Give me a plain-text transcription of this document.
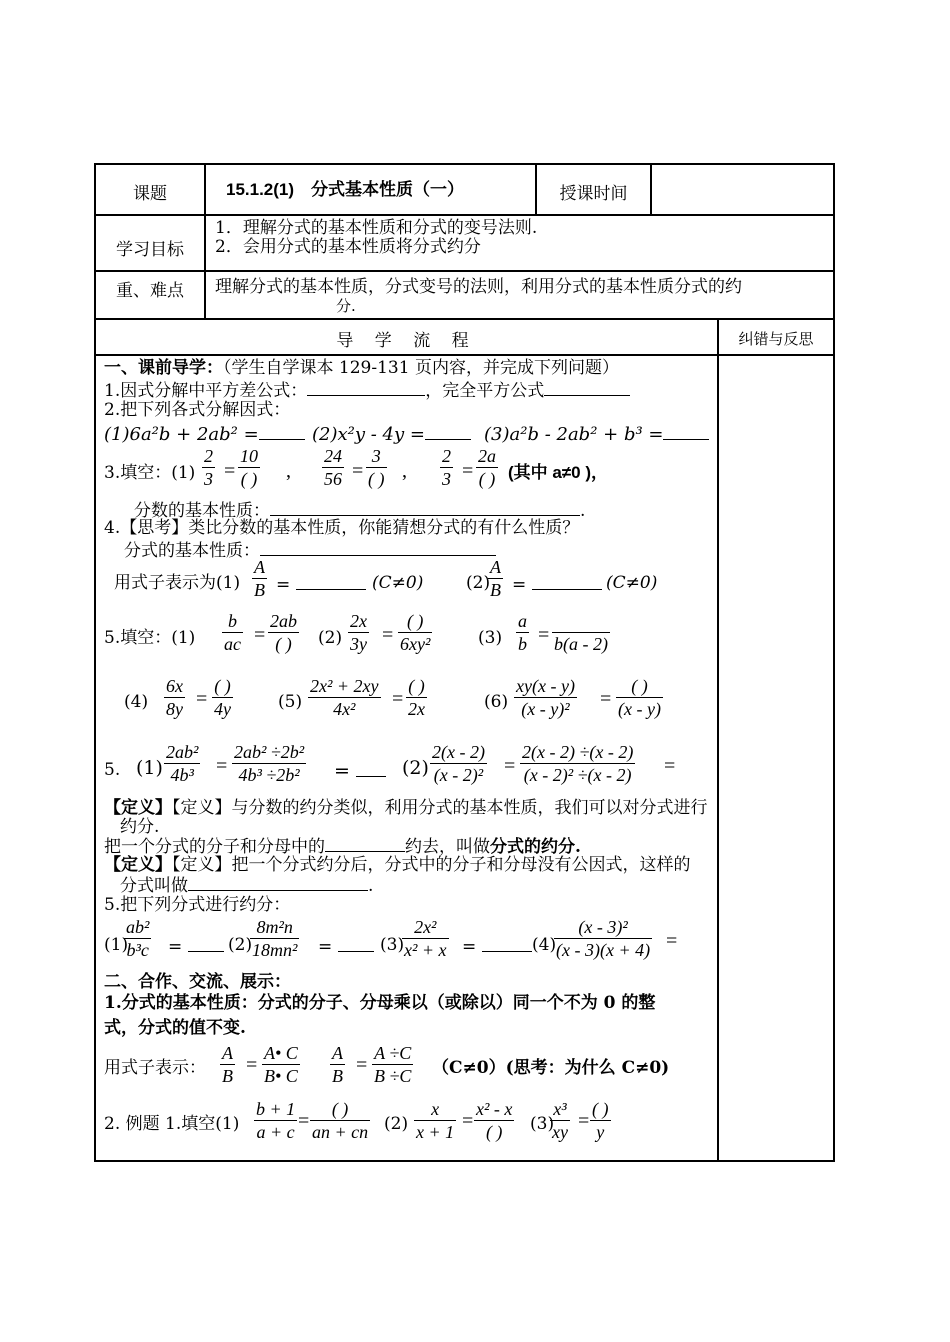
课题	15.1.2(1)　分式基本性质（一）	授课时间
学习目标
1．理解分式的基本性质和分式的变号法则.
2．会用分式的基本性质将分式约分
重、难点	理解分式的基本性质，分式变号的法则，利用分式的基本性质分式的约
分.
导 学 流 程	纠错与反思
一、课前导学：（学生自学课本 129-131 页内容，并完成下列问题）
1.因式分解中平方差公式：	，完全平方公式
2.把下列各式分解因式：
(1)6a²b + 2ab² =	(2)x²y - 4y =	(3)a²b - 2ab² + b³ =
3.填空：$(1) \frac{2}{3}$ =
10
( ) , $\frac{24}{56}$ =
3
( ) , $\frac{2}{3}$ =
2a
( ) (其中 a≠0 )，
分数的基本性质：	.
4.【思考】类比分数的基本性质，你能猜想分式的有什么性质？
分式的基本性质：
用式子表示为$(1) \frac{A}{B}$ =	(C≠0)	(2)
$\frac{A}{B}$ =	(C≠0)
5.填空：$(1) \frac{b}{ac}$ =
2ab
( )	$(2) \frac{2x}{3y}$ =
( )
6xy²	$(3) \frac{a}{b}$ =
b(a - 2)
$(4) \frac{6x}{8y}$ =
( )
4y	$(5) \frac{\text{2x² + 2xy}}{\text{4x²}}$ =
( )
2x	$(6) \frac{xy(x - y)}{\text{(x - y)²}}$ =
( )
(x - y)
5. $(1) \frac{\text{2ab²}}{\text{4b³}} = \frac{\text{2ab² ÷2b²}}{\text{4b³ ÷2b²}}$ =	$(2) \frac{2(x - 2)}{\text{(x - 2)²}} = \frac{2(x - 2) \div(x - 2)}{\text{(x - 2)² ÷(x - 2)}}$ =
【定义】【定义】与分数的约分类似，利用分式的基本性质，我们可以对分式进行
约分.
把一个分式的分子和分母中的	约去，叫做分式的约分.
【定义】【定义】把一个分式约分后，分式中的分子和分母没有公因式，这样的
分式叫做	.
5.把下列分式进行约分：
(1)
$\frac{\text{ab²}}{\text{b³c}}$ =	(2)
$\frac{\text{8m²n}}{\text{18mn²}}$ =	(3)
$\frac{\text{2x²}}{\text{x² + x}}$ =	(4)
$\frac{\text{(x - 3)²}}{(x - 3)(x + 4)}$ =
二、合作、交流、展示：
1.分式的基本性质：分式的分子、分母乘以（或除以）同一个不为 0 的整
式，分式的值不变.
用式子表示： $\frac{A}{B} = \frac{A• C}{B• C} \frac{A}{B} = \frac{A \div C}{B \div C} (C\ne 0)$(思考：为什么 C≠0)
2. 例题 1.填空$(1) \frac{b + 1}{a + c}$ =
( )
an + cn $(2) \frac{x}{x + 1}$ =
x² - x
( )	(3)
$\frac{\text{x³}}{xy}$ =
( )
y
